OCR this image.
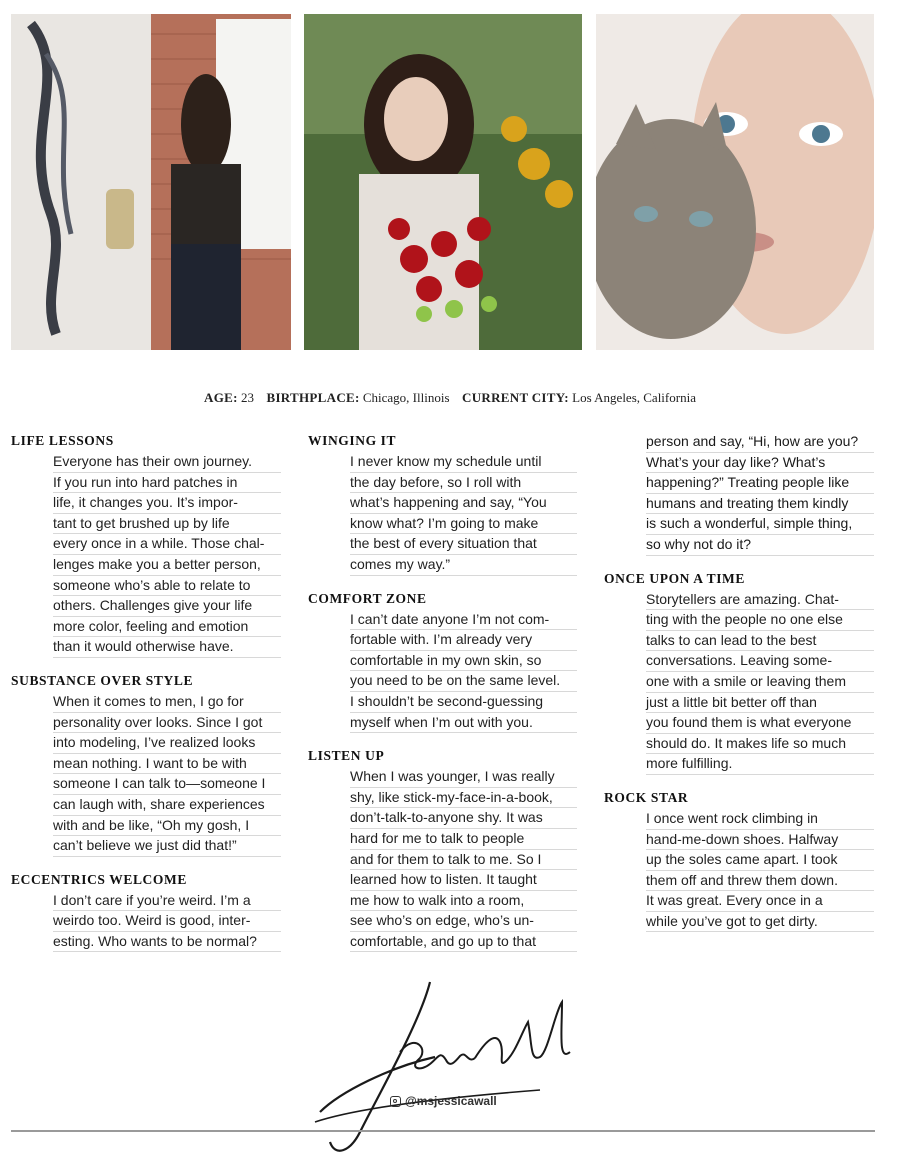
AGE: 23 BIRTHPLACE: Chicago, Illinois CURRENT CITY: Los Angeles, California
LIFE LESSONS
Everyone has their own journey.
If you run into hard patches in
life, it changes you. It’s impor-
tant to get brushed up by life
every once in a while. Those chal-
lenges make you a better person,
someone who’s able to relate to
others. Challenges give your life
more color, feeling and emotion
than it would otherwise have.
SUBSTANCE OVER STYLE
When it comes to men, I go for
personality over looks. Since I got
into modeling, I’ve realized looks
mean nothing. I want to be with
someone I can talk to—someone I
can laugh with, share experiences
with and be like, “Oh my gosh, I
can’t believe we just did that!”
ECCENTRICS WELCOME
I don’t care if you’re weird. I’m a
weirdo too. Weird is good, inter-
esting. Who wants to be normal?
WINGING IT
I never know my schedule until
the day before, so I roll with
what’s happening and say, “You
know what? I’m going to make
the best of every situation that
comes my way.”
COMFORT ZONE
I can’t date anyone I’m not com-
fortable with. I’m already very
comfortable in my own skin, so
you need to be on the same level.
I shouldn’t be second-guessing
myself when I’m out with you.
LISTEN UP
When I was younger, I was really
shy, like stick-my-face-in-a-book,
don’t-talk-to-anyone shy. It was
hard for me to talk to people
and for them to talk to me. So I
learned how to listen. It taught
me how to walk into a room,
see who’s on edge, who’s un-
comfortable, and go up to that
person and say, “Hi, how are you?
What’s your day like? What’s
happening?” Treating people like
humans and treating them kindly
is such a wonderful, simple thing,
so why not do it?
ONCE UPON A TIME
Storytellers are amazing. Chat-
ting with the people no one else
talks to can lead to the best
conversations. Leaving some-
one with a smile or leaving them
just a little bit better off than
you found them is what everyone
should do. It makes life so much
more fulfilling.
ROCK STAR
I once went rock climbing in
hand-me-down shoes. Halfway
up the soles came apart. I took
them off and threw them down.
It was great. Every once in a
while you’ve got to get dirty.
@msjessicawall
